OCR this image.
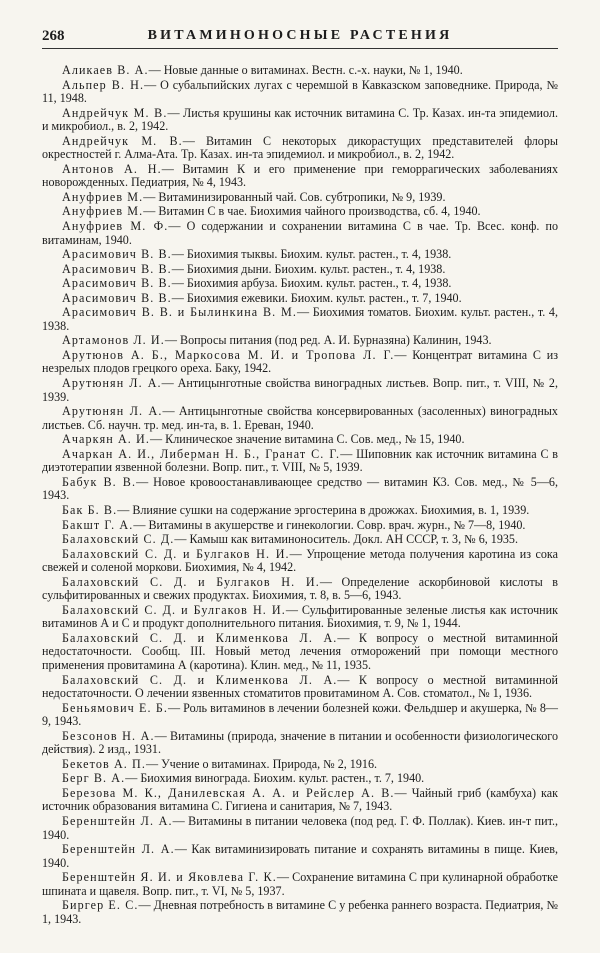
268	ВИТАМИНОНОСНЫЕ РАСТЕНИЯ

Аликаев В. А.— Новые данные о витаминах. Вестн. с.-х. науки, № 1, 1940.

Альпер В. Н.— О субальпийских лугах с черемшой в Кавказском заповеднике. Природа, № 11, 1948.

Андрейчук М. В.— Листья крушины как источник витамина С. Тр. Казах. ин-та эпидемиол. и микробиол., в. 2, 1942.

Андрейчук М. В.— Витамин С некоторых дикорастущих представителей флоры окрестностей г. Алма-Ата. Тр. Казах. ин-та эпидемиол. и микробиол., в. 2, 1942.

Антонов А. Н.— Витамин К и его применение при геморрагических заболеваниях новорожденных. Педиатрия, № 4, 1943.

Ануфриев М.— Витаминизированный чай. Сов. субтропики, № 9, 1939.

Ануфриев М.— Витамин С в чае. Биохимия чайного производства, сб. 4, 1940.

Ануфриев М. Ф.— О содержании и сохранении витамина С в чае. Тр. Всес. конф. по витаминам, 1940.

Арасимович В. В.— Биохимия тыквы. Биохим. культ. растен., т. 4, 1938.

Арасимович В. В.— Биохимия дыни. Биохим. культ. растен., т. 4, 1938.

Арасимович В. В.— Биохимия арбуза. Биохим. культ. растен., т. 4, 1938.

Арасимович В. В.— Биохимия ежевики. Биохим. культ. растен., т. 7, 1940.

Арасимович В. В. и Былинкина В. М.— Биохимия томатов. Биохим. культ. растен., т. 4, 1938.

Артамонов Л. И.— Вопросы питания (под ред. А. И. Бурназяна) Калинин, 1943.

Арутюнов А. Б., Маркосова М. И. и Тропова Л. Г.— Концентрат витамина С из незрелых плодов грецкого ореха. Баку, 1942.

Арутюнян Л. А.— Антицынготные свойства виноградных листьев. Вопр. пит., т. VIII, № 2, 1939.

Арутюнян Л. А.— Антицынготные свойства консервированных (засоленных) виноградных листьев. Сб. научн. тр. мед. ин-та, в. 1. Ереван, 1940.

Ачаркян А. И.— Клиническое значение витамина С. Сов. мед., № 15, 1940.

Ачаркан А. И., Либерман Н. Б., Гранат С. Г.— Шиповник как источник витамина С в диэтотерапии язвенной болезни. Вопр. пит., т. VIII, № 5, 1939.

Бабук В. В.— Новое кровоостанавливающее средство — витамин К3. Сов. мед., № 5—6, 1943.

Бак Б. В.— Влияние сушки на содержание эргостерина в дрожжах. Биохимия, в. 1, 1939.

Бакшт Г. А.— Витамины в акушерстве и гинекологии. Совр. врач. журн., № 7—8, 1940.

Балаховский С. Д.— Камыш как витаминоноситель. Докл. АН СССР, т. 3, № 6, 1935.

Балаховский С. Д. и Булгаков Н. И.— Упрощение метода получения каротина из сока свежей и соленой моркови. Биохимия, № 4, 1942.

Балаховский С. Д. и Булгаков Н. И.— Определение аскорбиновой кислоты в сульфитированных и свежих продуктах. Биохимия, т. 8, в. 5—6, 1943.

Балаховский С. Д. и Булгаков Н. И.— Сульфитированные зеленые листья как источник витаминов А и С и продукт дополнительного питания. Биохимия, т. 9, № 1, 1944.

Балаховский С. Д. и Клименкова Л. А.— К вопросу о местной витаминной недостаточности. Сообщ. III. Новый метод лечения отморожений при помощи местного применения провитамина А (каротина). Клин. мед., № 11, 1935.

Балаховский С. Д. и Клименкова Л. А.— К вопросу о местной витаминной недостаточности. О лечении язвенных стоматитов провитамином А. Сов. стоматол., № 1, 1936.

Беньямович Е. Б.— Роль витаминов в лечении болезней кожи. Фельдшер и акушерка, № 8—9, 1943.

Безсонов Н. А.— Витамины (природа, значение в питании и особенности физиологического действия). 2 изд., 1931.

Бекетов А. П.— Учение о витаминах. Природа, № 2, 1916.

Берг В. А.— Биохимия винограда. Биохим. культ. растен., т. 7, 1940.

Березова М. К., Данилевская А. А. и Рейслер А. В.— Чайный гриб (камбуха) как источник образования витамина С. Гигиена и санитария, № 7, 1943.

Беренштейн Л. А.— Витамины в питании человека (под ред. Г. Ф. Поллак). Киев. ин-т пит., 1940.

Беренштейн Л. А.— Как витаминизировать питание и сохранять витамины в пище. Киев, 1940.

Беренштейн Я. И. и Яковлева Г. К.— Сохранение витамина С при кулинарной обработке шпината и щавеля. Вопр. пит., т. VI, № 5, 1937.

Биргер Е. С.— Дневная потребность в витамине С у ребенка раннего возраста. Педиатрия, № 1, 1943.
